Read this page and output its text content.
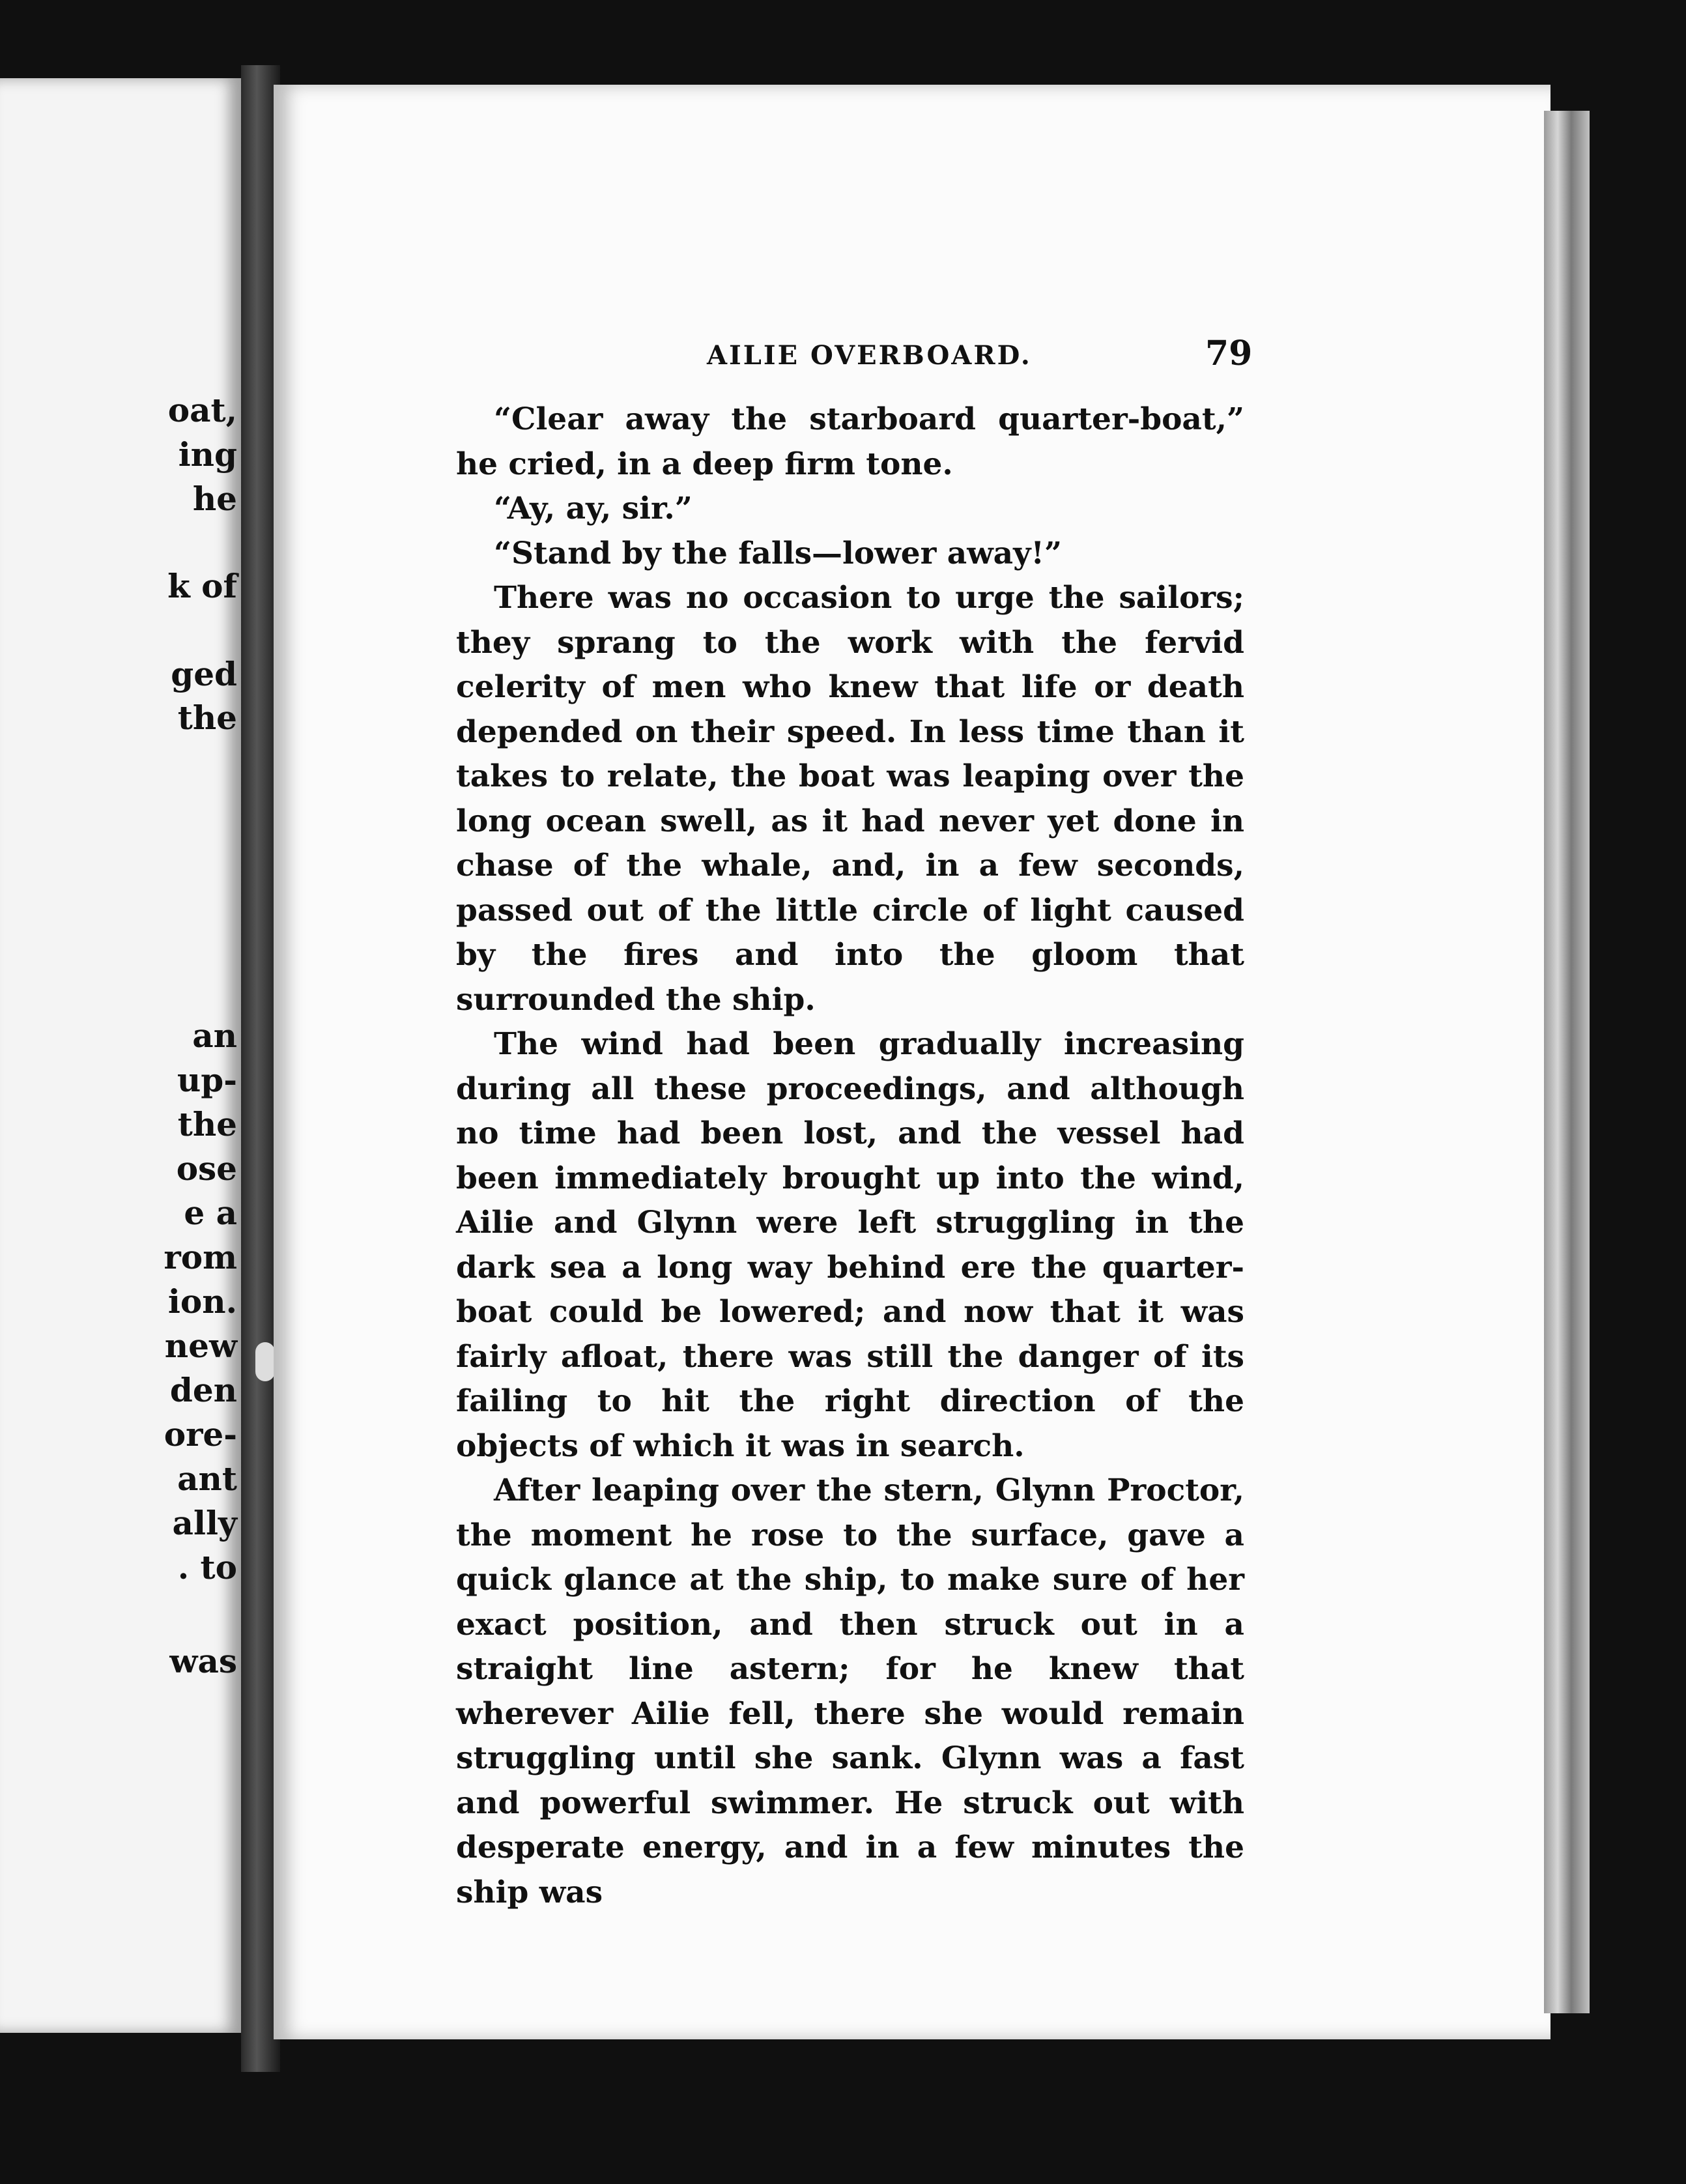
oat,
ing
he
k of
ged
the
an
up-
the
ose
e a
rom
ion.
new
den
ore-
ant
ally
. to
was
AILIE OVERBOARD.	79

“Clear away the starboard quarter-boat,” he cried, in a deep firm tone.

“Ay, ay, sir.”

“Stand by the falls—lower away!”

There was no occasion to urge the sailors; they sprang to the work with the fervid celerity of men who knew that life or death depended on their speed. In less time than it takes to relate, the boat was leaping over the long ocean swell, as it had never yet done in chase of the whale, and, in a few seconds, passed out of the little circle of light caused by the fires and into the gloom that surrounded the ship.

The wind had been gradually increasing during all these proceedings, and although no time had been lost, and the vessel had been immediately brought up into the wind, Ailie and Glynn were left struggling in the dark sea a long way behind ere the quarter-boat could be lowered; and now that it was fairly afloat, there was still the danger of its failing to hit the right direction of the objects of which it was in search.

After leaping over the stern, Glynn Proctor, the moment he rose to the surface, gave a quick glance at the ship, to make sure of her exact position, and then struck out in a straight line astern; for he knew that wherever Ailie fell, there she would remain struggling until she sank. Glynn was a fast and powerful swimmer. He struck out with desperate energy, and in a few minutes the ship was
